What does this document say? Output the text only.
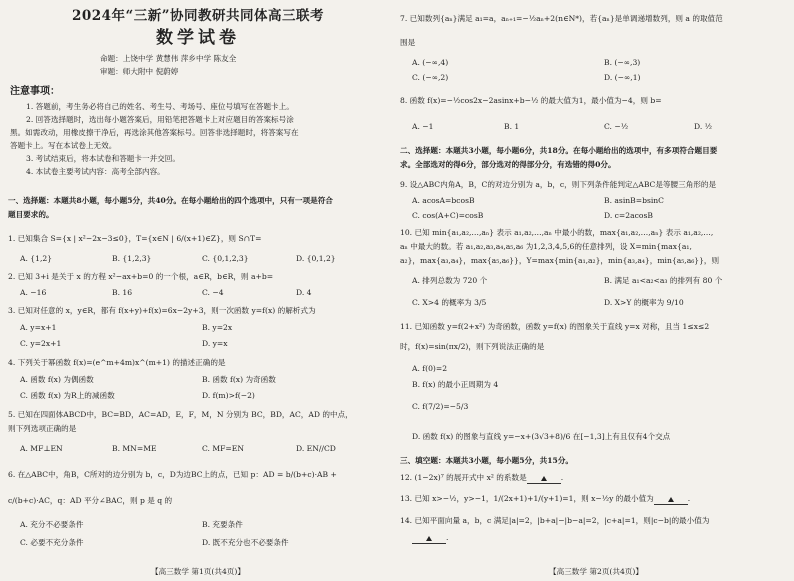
2024年“三新”协同教研共同体高三联考
数学试卷
命题：上饶中学 黄慧伟 萍乡中学 陈友全
审题：师大附中 倪蔚婷
注意事项：
1. 答题前，考生务必将自己的姓名、考生号、考场号、座位号填写在答题卡上。
2. 回答选择题时，选出每小题答案后，用铅笔把答题卡上对应题目的答案标号涂
黑。如需改动，用橡皮擦干净后，再选涂其他答案标号。回答非选择题时，将答案写在
答题卡上。写在本试卷上无效。
3. 考试结束后，将本试卷和答题卡一并交回。
4. 本试卷主要考试内容：高考全部内容。
一、选择题：本题共8小题，每小题5分，共40分。在每小题给出的四个选项中，只有一项是符合
题目要求的。
1. 已知集合 S={x | x²−2x−3≤0}，T={x∈N | 6/(x+1)∈Z}，则 S∩T=
A. {1,2}	B. {1,2,3}	C. {0,1,2,3}	D. {0,1,2}
2. 已知 3+i 是关于 x 的方程 x²−ax+b=0 的一个根，a∈R，b∈R，则 a+b=
A. −16	B. 16	C. −4	D. 4
3. 已知对任意的 x，y∈R，都有 f(x+y)+f(x)=6x−2y+3，则一次函数 y=f(x) 的解析式为
A. y=x+1	B. y=2x
C. y=2x+1	D. y=x
4. 下列关于幂函数 f(x)=(e^m+4m)x^(m+1) 的描述正确的是
A. 函数 f(x) 为偶函数	B. 函数 f(x) 为奇函数
C. 函数 f(x) 为R上的减函数	D. f(m)>f(−2)
5. 已知在四面体ABCD中，BC=BD，AC=AD，E，F，M，N 分别为 BC，BD，AC，AD 的中点，
则下列选项正确的是
A. MF⊥EN	B. MN=ME	C. MF=EN	D. EN//CD
6. 在△ABC中，角B，C所对的边分别为 b，c，D为边BC上的点，已知 p：AD = b/(b+c)·AB +
c/(b+c)·AC，q：AD 平分∠BAC，则 p 是 q 的
A. 充分不必要条件	B. 充要条件
C. 必要不充分条件	D. 既不充分也不必要条件
【高三数学 第1页(共4页)】
7. 已知数列{aₙ}满足 a₁=a，aₙ₊₁=−½aₙ+2(n∈N*)，若{aₙ}是单调递增数列，则 a 的取值范
围是
A. (−∞,4)	B. (−∞,3)
C. (−∞,2)	D. (−∞,1)
8. 函数 f(x)=−½cos2x−2asinx+b−½ 的最大值为1，最小值为−4，则 b=
A. −1	B. 1	C. −½	D. ½
二、选择题：本题共3小题，每小题6分，共18分。在每小题给出的选项中，有多项符合题目要
求。全部选对的得6分，部分选对的得部分分，有选错的得0分。
9. 设△ABC内角A，B，C的对边分别为 a，b，c，则下列条件能判定△ABC是等腰三角形的是
A. acosA=bcosB	B. asinB=bsinC
C. cos(A+C)=cosB	D. c=2acosB
10. 已知 min{a₁,a₂,…,aₙ} 表示 a₁,a₂,…,aₙ 中最小的数，max{a₁,a₂,…,aₙ} 表示 a₁,a₂,…,
aₙ 中最大的数。若 a₁,a₂,a₃,a₄,a₅,a₆ 为1,2,3,4,5,6的任意排列，设 X=min{max{a₁,
a₂}，max{a₃,a₄}，max{a₅,a₆}}，Y=max{min{a₁,a₂}，min{a₃,a₄}，min{a₅,a₆}}，则
A. 排列总数为 720 个	B. 满足 a₁<a₂<a₃ 的排列有 80 个
C. X>4 的概率为 3/5	D. X>Y 的概率为 9/10
11. 已知函数 y=f(2+x²) 为奇函数，函数 y=f(x) 的图象关于直线 y=x 对称，且当 1≤x≤2
时，f(x)=sin(πx/2)，则下列说法正确的是
A. f(0)=2
B. f(x) 的最小正周期为 4
C. f(7/2)=−5/3
D. 函数 f(x) 的图象与直线 y=−x+(3√3+8)/6 在[−1,3]上有且仅有4个交点
三、填空题：本题共3小题，每小题5分，共15分。
12. (1−2x)⁷ 的展开式中 x² 的系数是	.
13. 已知 x>−½，y>−1，1/(2x+1)+1/(y+1)=1，则 x−½y 的最小值为	.
14. 已知平面向量 a，b，c 满足|a|=2，|b+a|−|b−a|=2，|c+a|=1，则|c−b|的最小值为
.
【高三数学 第2页(共4页)】
